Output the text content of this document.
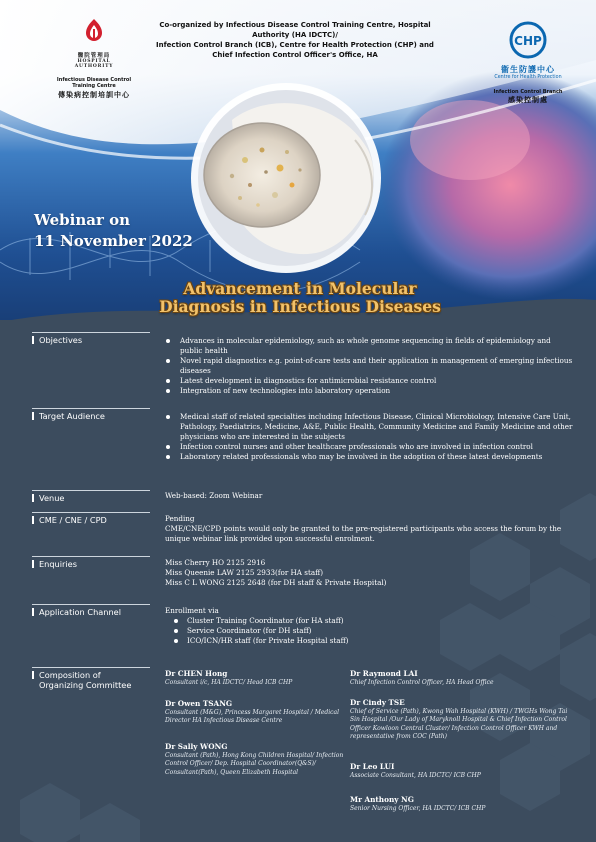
醫院管理局
HOSPITAL
AUTHORITY
Infectious Disease Control
Training Centre
傳染病控制培訓中心
Co-organized by Infectious Disease Control Training Centre, Hospital Authority (HA IDCTC)/
Infection Control Branch (ICB), Centre for Health Protection (CHP) and
Chief Infection Control Officer's Office, HA
CHP
衞生防護中心
Centre for Health Protection
Infection Control Branch
感染控制處
Webinar on
11 November 2022
Advancement in Molecular
Diagnosis in Infectious Diseases
Objectives	Advances in molecular epidemiology, such as whole genome sequencing in fields of epidemiology and public health
Novel rapid diagnostics e.g. point-of-care tests and their application in management of emerging infectious diseases
Latest development in diagnostics for antimicrobial resistance control
Integration of new technologies into laboratory operation
Target Audience	Medical staff of related specialties including Infectious Disease, Clinical Microbiology, Intensive Care Unit, Pathology, Paediatrics, Medicine, A&E, Public Health, Community Medicine and Family Medicine and other physicians who are interested in the subjects
Infection control nurses and other healthcare professionals who are involved in infection control
Laboratory related professionals who may be involved in the adoption of these latest developments
Venue	Web-based: Zoom Webinar
CME / CNE / CPD	Pending
CME/CNE/CPD points would only be granted to the pre-registered participants who access the forum by the unique webinar link provided upon successful enrolment.
Enquiries	Miss Cherry HO 2125 2916
Miss Queenie LAW 2125 2933(for HA staff)
Miss C L WONG 2125 2648 (for DH staff & Private Hospital)
Application Channel	Enrollment via
Cluster Training Coordinator (for HA staff)
Service Coordinator (for DH staff)
ICO/ICN/HR staff (for Private Hospital staff)
Composition of
Organizing Committee
Dr CHEN Hong
Consultant i/c, HA IDCTC/ Head ICB CHP
Dr Owen TSANG
Consultant (M&G), Princess Margaret Hospital / Medical Director HA Infectious Disease Centre
Dr Sally WONG
Consultant (Path), Hong Kong Children Hospital/ Infection Control Officer/ Dep. Hospital Coordinator(Q&S)/ Consultant(Path), Queen Elizabeth Hospital
Dr Raymond LAI
Chief Infection Control Officer, HA Head Office
Dr Cindy TSE
Chief of Service (Path), Kwong Wah Hospital (KWH) / TWGHs Wong Tai Sin Hospital /Our Lady of Maryknoll Hospital & Chief Infection Control Officer Kowloon Central Cluster/ Infection Control Officer KWH and representative from COC (Path)
Dr Leo LUI
Associate Consultant, HA IDCTC/ ICB CHP
Mr Anthony NG
Senior Nursing Officer, HA IDCTC/ ICB CHP
